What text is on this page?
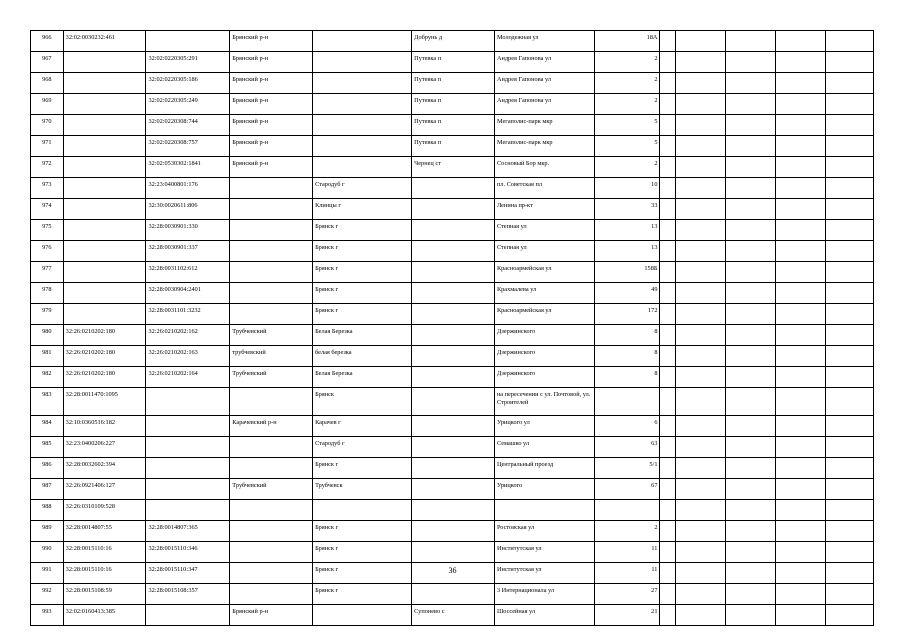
966	32:02:0030232:461		Брянский р-н		Добрунь д	Молодежная ул	18А					
967		32:02:0220305:291	Брянский р-н		Путевка п	Андрея Гапонова ул	2					
968		32:02:0220305:186	Брянский р-н		Путевка п	Андрея Гапонова ул	2					
969		32:02:0220305:249	Брянский р-н		Путевка п	Андрея Гапонова ул	2					
970		32:02:0220308:744	Брянский р-н		Путевка п	Мегаполис-парк мкр	5					
971		32:02:0220308:757	Брянский р-н		Путевка п	Мегаполис-парк мкр	5					
972		32:02:0530302:1841	Брянский р-н		Чернец ст	Сосновый Бор мкр.	2					
973		32:23:0400801:176		Стародуб г		пл. Советская пл	10					
974		32:30:0020611:806		Клинцы г		Ленина пр-кт	33					
975		32:28:0030901:330		Брянск г		Степная ул	13					
976		32:28:0030901:337		Брянск г		Степная ул	13					
977		32:28:0031102:612		Брянск г		Красноармейская ул	158Б					
978		32:28:0030904:2401		Брянск г		Крахмалева ул	49					
979		32:28:0031101:3232		Брянск г		Красноармейская ул	172					
980	32:26:0210202:180	32:26:0210202:162	Трубчевский	Белая Березка		Дзержинского	8					
981	32:26:0210202:180	32:26:0210202:163	трубчевский	белая березка		Дзержинского	8					
982	32:26:0210202:180	32:26:0210202:164	Трубчевский	Белая Березка		Дзержинского	8					
983	32:28:0011470:1095			Брянск		на пересечении с ул. Почтовой, ул. Строителей						
984	32:10:0360516:182		Карачевский р-н	Карачев г		Урицкого ул	6					
985	32:23:0400206:227			Стародуб г		Семашко ул	63					
986	32:28:0032602:394			Брянск г		Центральный проезд	5/1					
987	32:26:0921406:127		Трубчевский	Трубчевск		Урицкого	67					
988	32:26:0310109:528											
989	32:28:0014807:55	32:28:0014807:365		Брянск г		Ростовская ул	2					
990	32:28:0015110:16	32:28:0015110:346		Брянск г		Институтская ул	11					
991	32:28:0015110:16	32:28:0015110:347		Брянск г		Институтская ул	11					
992	32:28:0015108:59	32:28:0015108:357		Брянск г		3 Интернационала ул	27					
993	32:02:0160413:385		Брянский р-н		Супонево с	Шоссейная ул	21					
36
